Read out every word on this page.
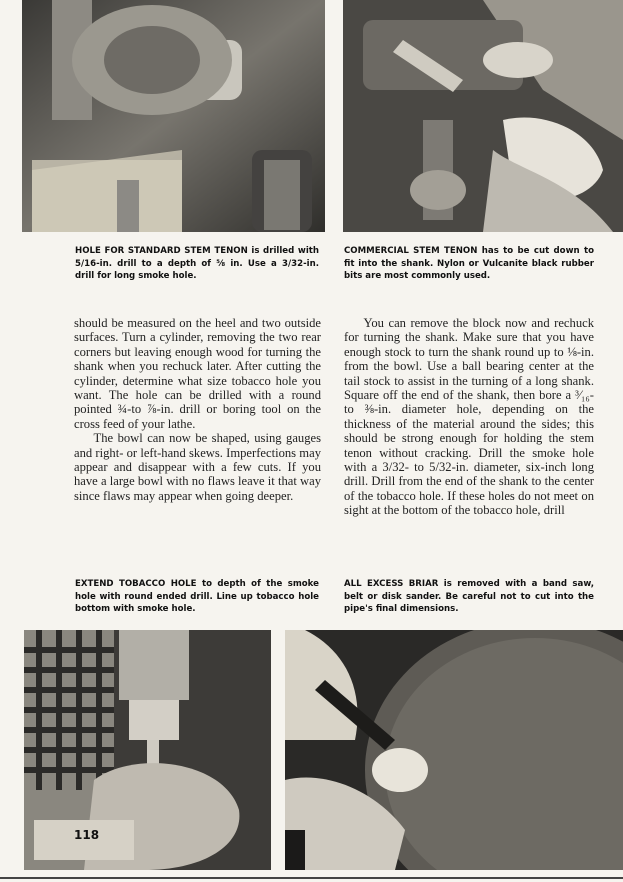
HOLE FOR STANDARD STEM TENON is drilled with 5/16-in. drill to a depth of ⅝ in. Use a 3/32-in. drill for long smoke hole.

COMMERCIAL STEM TENON has to be cut down to fit into the shank. Nylon or Vulcanite black rubber bits are most commonly used.

should be measured on the heel and two outside surfaces. Turn a cylinder, removing the two rear corners but leaving enough wood for turning the shank when you rechuck later. After cutting the cylinder, determine what size tobacco hole you want. The hole can be drilled with a round pointed ¾-to ⅞-in. drill or boring tool on the cross feed of your lathe.

The bowl can now be shaped, using gauges and right- or left-hand skews. Imperfections may appear and disappear with a few cuts. If you have a large bowl with no flaws leave it that way since flaws may appear when going deeper.

You can remove the block now and rechuck for turning the shank. Make sure that you have enough stock to turn the shank round up to ⅛-in. from the bowl. Use a ball bearing center at the tail stock to assist in the turning of a long shank. Square off the end of the shank, then bore a ³⁄₁₆- to ⅜-in. diameter hole, depending on the thickness of the material around the sides; this should be strong enough for holding the stem tenon without cracking. Drill the smoke hole with a 3/32- to 5/32-in. diameter, six-inch long drill. Drill from the end of the shank to the center of the tobacco hole. If these holes do not meet on sight at the bottom of the tobacco hole, drill

EXTEND TOBACCO HOLE to depth of the smoke hole with round ended drill. Line up tobacco hole bottom with smoke hole.

ALL EXCESS BRIAR is removed with a band saw, belt or disk sander. Be careful not to cut into the pipe's final dimensions.

118
